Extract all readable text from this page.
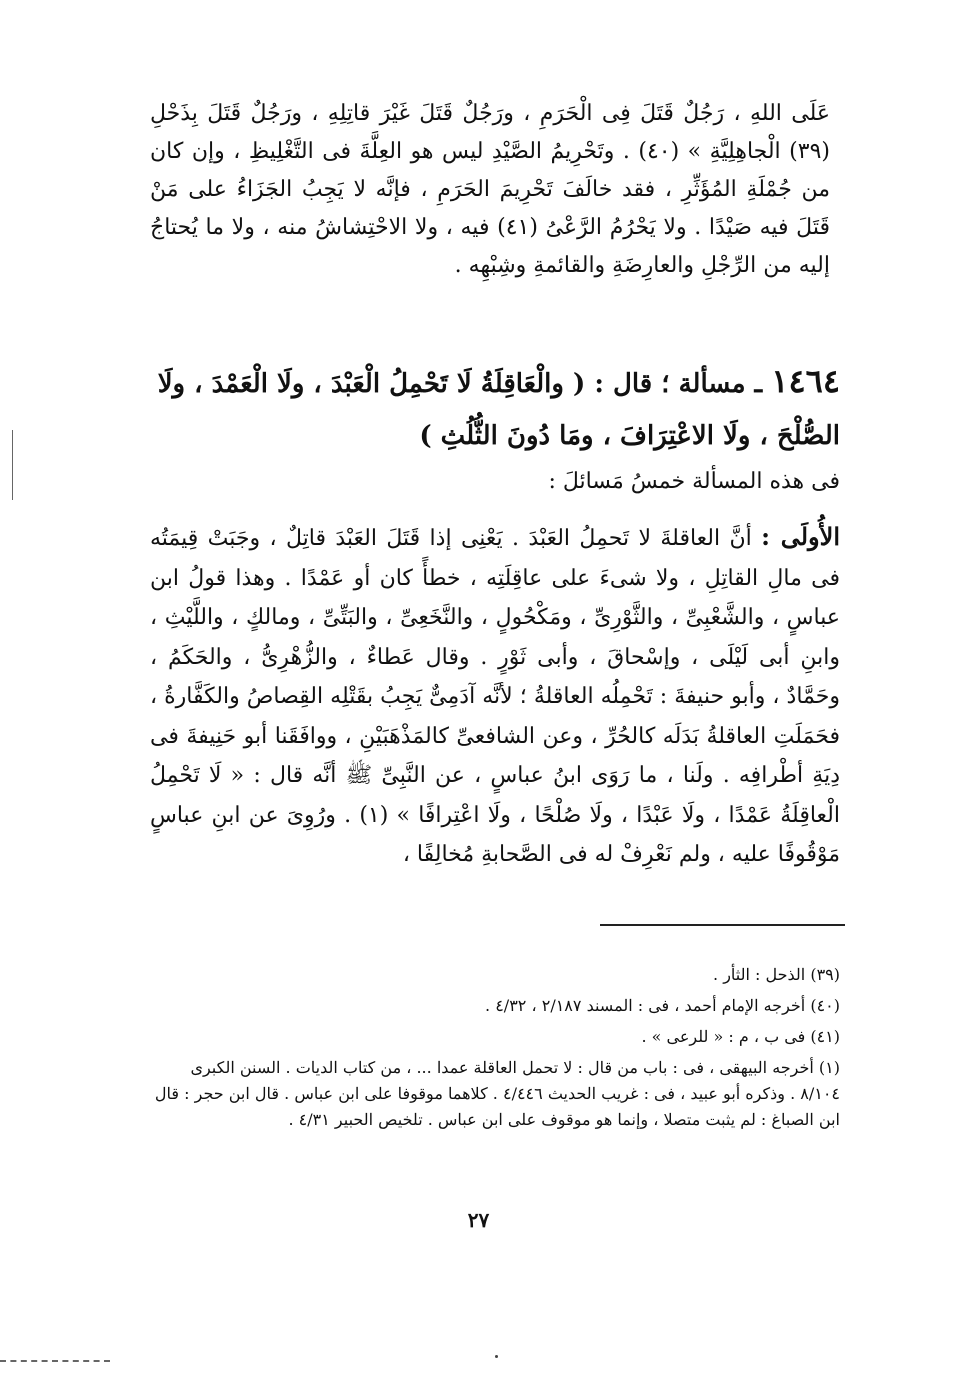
عَلَى اللهِ ، رَجُلٌ قَتَلَ فِى الْحَرَمِ ، ورَجُلٌ قَتَلَ غَيْرَ قاتِلِهِ ، ورَجُلٌ قَتَلَ بِذَحْلِ (٣٩) الْجاهِلِيَّةِ » (٤٠) . وتَحْرِيمُ الصَّيْدِ ليس هو العِلَّةَ فى التَّغْلِيظِ ، وإن كان من جُمْلَةِ المُؤَثِّرِ ، فقد خالَفَ تَحْرِيمَ الحَرَمِ ، فإنَّه لا يَجِبُ الجَزَاءُ على مَنْ قَتَلَ فيه صَيْدًا . ولا يَحْرُمُ الرَّعْىُ (٤١) فيه ، ولا الاحْتِشاشُ منه ، ولا ما يُحتاجُ إليه من الرِّجْلِ والعارِضَةِ والقائمةِ وشِبْهِه .

١٤٦٤ ـ مسألة ؛ قال : ( والْعَاقِلَةُ لَا تَحْمِلُ الْعَبْدَ ، ولَا الْعَمْدَ ، ولَا الصُّلْحَ ، ولَا الاعْتِرَافَ ، ومَا دُونَ الثُّلُثِ )
فى هذه المسألة خمسُ مَسائلَ :
الأُولَى : أنَّ العاقلةَ لا تَحمِلُ العَبْدَ . يَعْنِى إذا قَتَلَ العَبْدَ قاتِلٌ ، وجَبَتْ قِيمَتُه فى مالِ القاتِلِ ، ولا شىءَ على عاقِلَتِه ، خطأً كان أو عَمْدًا . وهذا قولُ ابن عباسٍ ، والشَّعْبِىِّ ، والثَّوْرِىِّ ، ومَكْحُولٍ ، والنَّخَعِىِّ ، والبَتِّىِّ ، ومالكٍ ، واللَّيْثِ ، وابنِ أبى لَيْلَى ، وإسْحاقَ ، وأبى ثَوْرٍ . وقال عَطاءٌ ، والزُّهْرِىُّ ، والحَكَمُ ، وحَمَّادٌ ، وأبو حنيفةَ : تَحْمِلُه العاقلةُ ؛ لأنَّه آدَمِىٌّ يَجِبُ بقَتْلِه القِصاصُ والكَفَّارةُ ، فحَمَلَتِ العاقلةُ بَدَلَه كالحُرِّ ، وعن الشافعىِّ كالمَذْهَبَيْنِ ، ووافَقَنا أبو حَنِيفةَ فى دِيَةِ أطْرافِه . ولَنا ، ما رَوَى ابنُ عباسٍ ، عن النَّبِىِّ ﷺ أنَّه قال : « لَا تَحْمِلُ الْعاقِلَةُ عَمْدًا ، ولَا عَبْدًا ، ولَا صُلْحًا ، ولَا اعْتِرافًا » (١) . ورُوِىَ عن ابنِ عباسٍ مَوْقُوفًا عليه ، ولم نَعْرِفْ له فى الصَّحابةِ مُخالِفًا ،

(٣٩) الذحل : الثأر .

(٤٠) أخرجه الإمام أحمد ، فى : المسند ٢/١٨٧ ، ٤/٣٢ .

(٤١) فى ب ، م : « للرعى » .

(١) أخرجه البيهقى ، فى : باب من قال : لا تحمل العاقلة عمدا ... ، من كتاب الديات . السنن الكبرى ٨/١٠٤ . وذكره أبو عبيد ، فى : غريب الحديث ٤/٤٤٦ . كلاهما موقوفا على ابن عباس . قال ابن حجر : قال ابن الصباغ : لم يثبت متصلا ، وإنما هو موقوف على ابن عباس . تلخيص الحبير ٤/٣١ .

٢٧
